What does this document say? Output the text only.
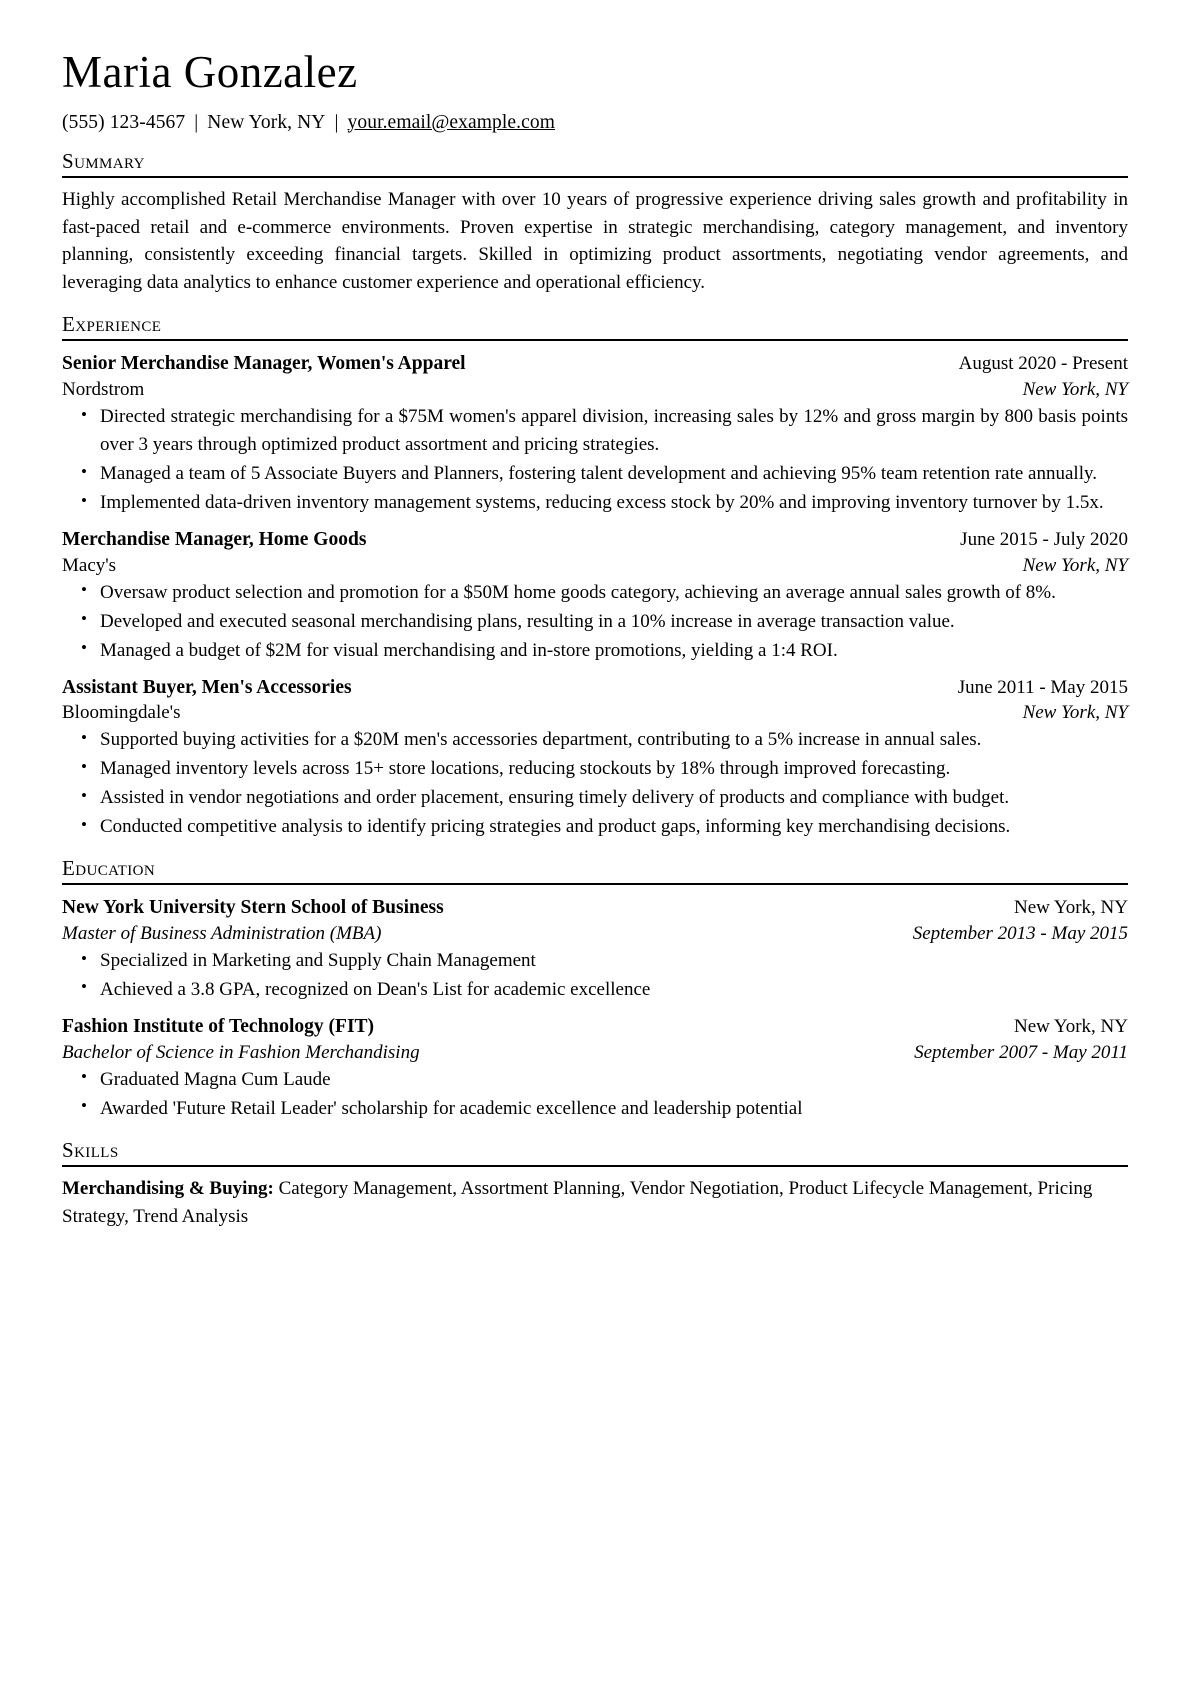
Maria Gonzalez
(555) 123-4567 | New York, NY | your.email@example.com
Summary

Highly accomplished Retail Merchandise Manager with over 10 years of progressive experience driving sales growth and profitability in fast-paced retail and e-commerce environments. Proven expertise in strategic merchandising, category management, and inventory planning, consistently exceeding financial targets. Skilled in optimizing product assortments, negotiating vendor agreements, and leveraging data analytics to enhance customer experience and operational efficiency.

Experience
Senior Merchandise Manager, Women's Apparel	August 2020 - Present
Nordstrom	New York, NY
• Directed strategic merchandising for a $75M women's apparel division, increasing sales by 12% and gross margin by 800 basis points over 3 years through optimized product assortment and pricing strategies.
• Managed a team of 5 Associate Buyers and Planners, fostering talent development and achieving 95% team retention rate annually.
• Implemented data-driven inventory management systems, reducing excess stock by 20% and improving inventory turnover by 1.5x.
Merchandise Manager, Home Goods	June 2015 - July 2020
Macy's	New York, NY
• Oversaw product selection and promotion for a $50M home goods category, achieving an average annual sales growth of 8%.
• Developed and executed seasonal merchandising plans, resulting in a 10% increase in average transaction value.
• Managed a budget of $2M for visual merchandising and in-store promotions, yielding a 1:4 ROI.
Assistant Buyer, Men's Accessories	June 2011 - May 2015
Bloomingdale's	New York, NY
• Supported buying activities for a $20M men's accessories department, contributing to a 5% increase in annual sales.
• Managed inventory levels across 15+ store locations, reducing stockouts by 18% through improved forecasting.
• Assisted in vendor negotiations and order placement, ensuring timely delivery of products and compliance with budget.
• Conducted competitive analysis to identify pricing strategies and product gaps, informing key merchandising decisions.
Education
New York University Stern School of Business	New York, NY
Master of Business Administration (MBA)	September 2013 - May 2015
• Specialized in Marketing and Supply Chain Management
• Achieved a 3.8 GPA, recognized on Dean's List for academic excellence
Fashion Institute of Technology (FIT)	New York, NY
Bachelor of Science in Fashion Merchandising	September 2007 - May 2011
• Graduated Magna Cum Laude
• Awarded 'Future Retail Leader' scholarship for academic excellence and leadership potential
Skills

Merchandising & Buying: Category Management, Assortment Planning, Vendor Negotiation, Product Lifecycle Management, Pricing Strategy, Trend Analysis
